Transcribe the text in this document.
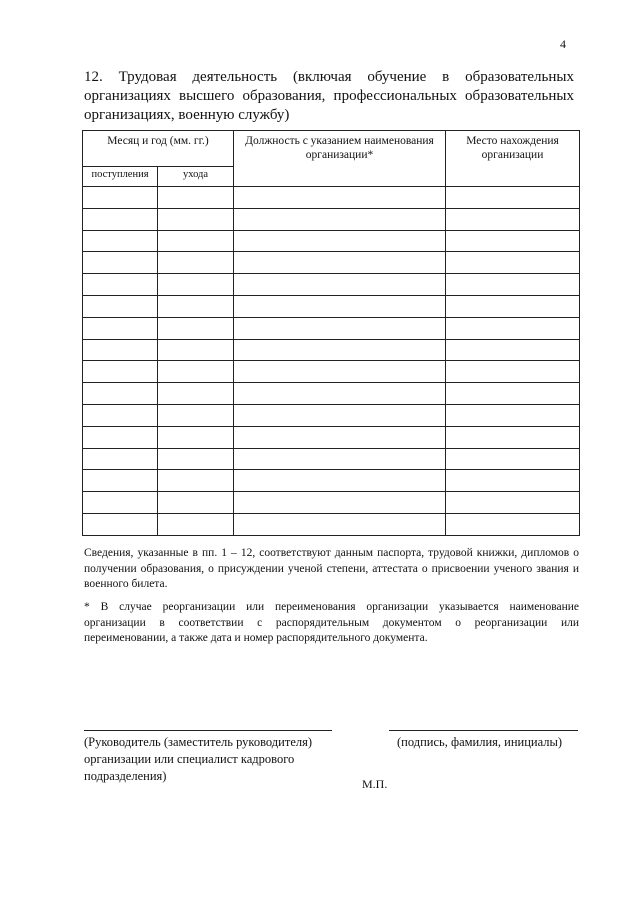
4
12. Трудовая деятельность (включая обучение в образовательных организациях высшего образования, профессиональных образовательных организациях, военную службу)
Месяц и год (мм. гг.)		Должность с указанием наименования организации*	Место нахождения организации
поступления	ухода		

Сведения, указанные в пп. 1 – 12, соответствуют данным паспорта, трудовой книжки, дипломов о получении образования, о присуждении ученой степени, аттестата о присвоении ученого звания и военного билета.
* В случае реорганизации или переименования организации указывается наименование организации в соответствии с распорядительным документом о реорганизации или переименовании, а также дата и номер распорядительного документа.
(Руководитель (заместитель руководителя) организации или специалист кадрового подразделения)
(подпись, фамилия, инициалы)
М.П.
